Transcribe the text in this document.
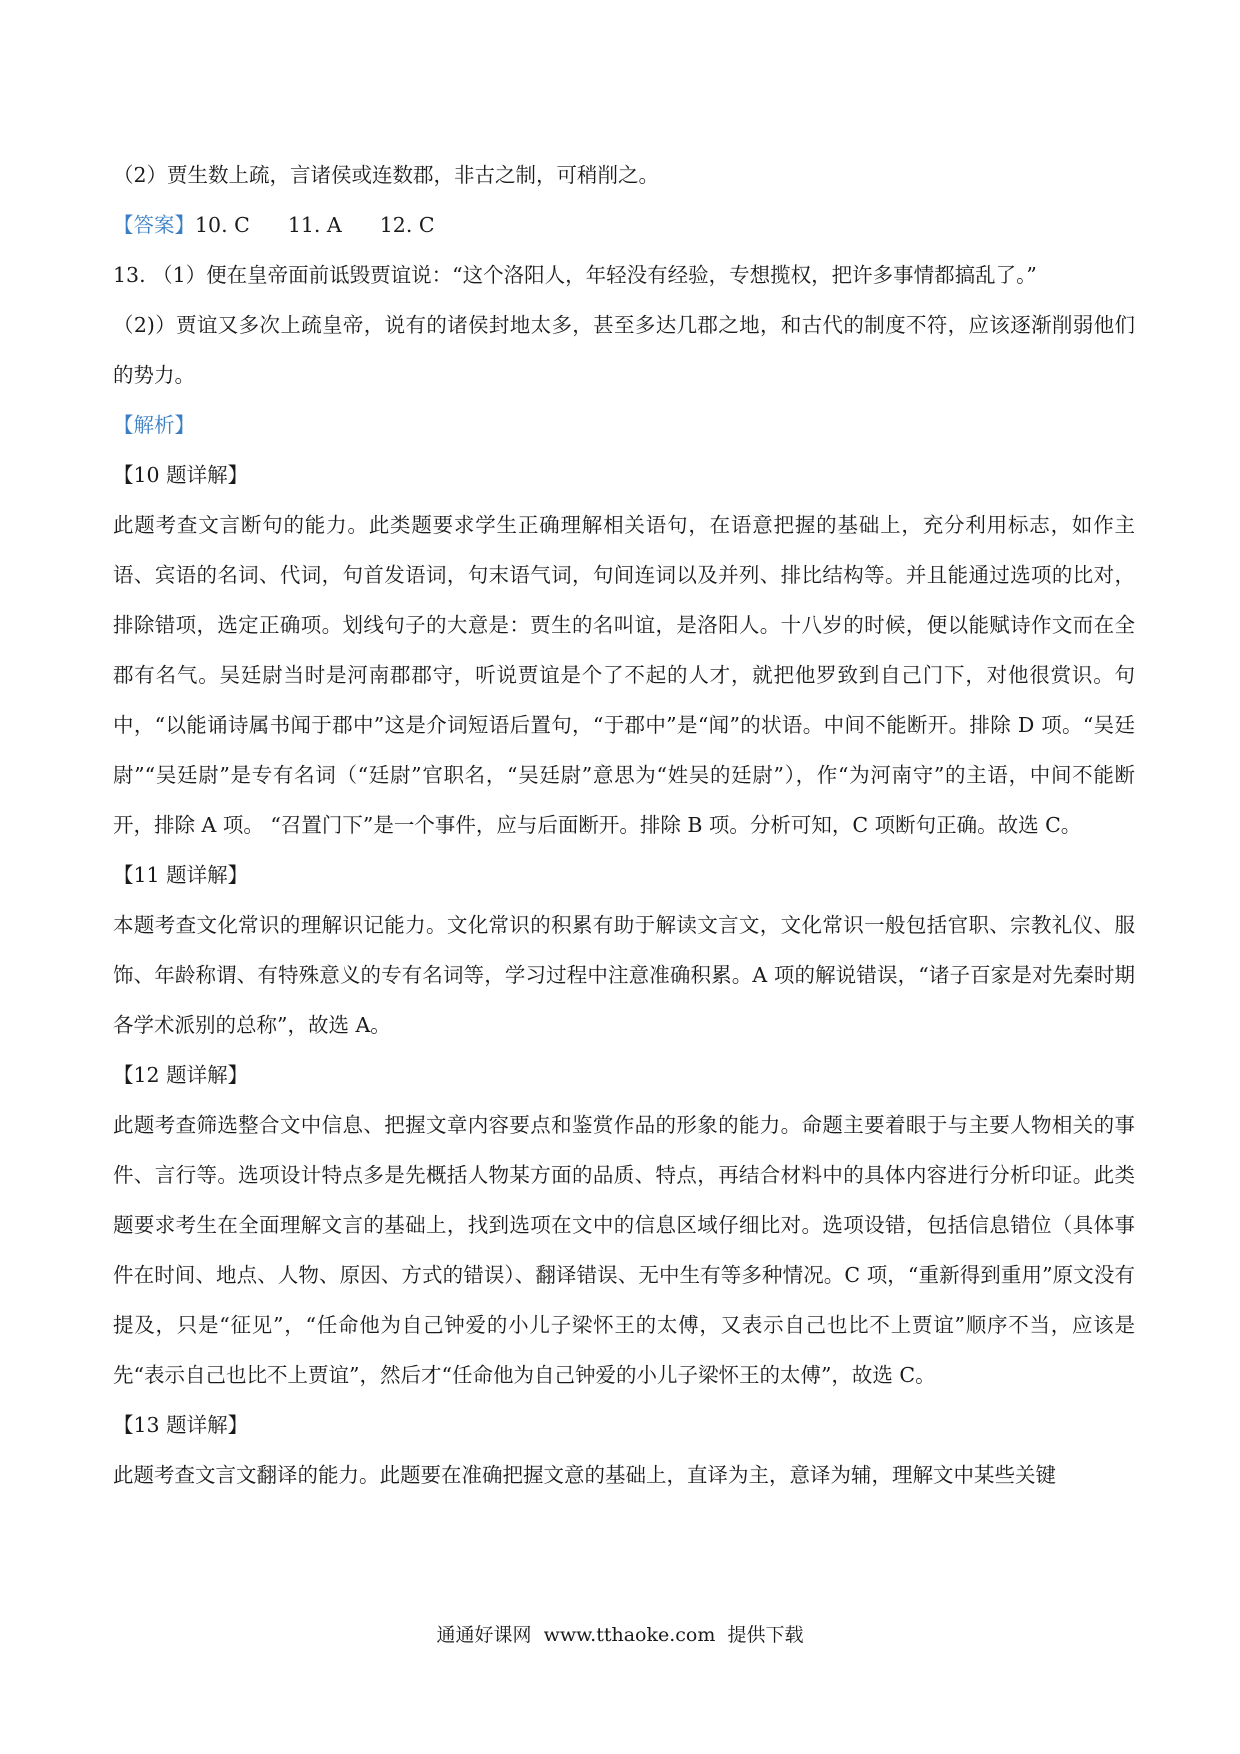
（2）贾生数上疏，言诸侯或连数郡，非古之制，可稍削之。

【答案】10. C 11. A 12. C

13. （1）便在皇帝面前诋毁贾谊说：“这个洛阳人，年轻没有经验，专想揽权，把许多事情都搞乱了。”

（2)）贾谊又多次上疏皇帝，说有的诸侯封地太多，甚至多达几郡之地，和古代的制度不符，应该逐渐削弱他们的势力。

【解析】

【10 题详解】

此题考查文言断句的能力。此类题要求学生正确理解相关语句，在语意把握的基础上，充分利用标志，如作主语、宾语的名词、代词，句首发语词，句末语气词，句间连词以及并列、排比结构等。并且能通过选项的比对，排除错项，选定正确项。划线句子的大意是：贾生的名叫谊，是洛阳人。十八岁的时候，便以能赋诗作文而在全郡有名气。吴廷尉当时是河南郡郡守，听说贾谊是个了不起的人才，就把他罗致到自己门下，对他很赏识。句中，“以能诵诗属书闻于郡中”这是介词短语后置句，“于郡中”是“闻”的状语。中间不能断开。排除 D 项。“吴廷尉”“吴廷尉”是专有名词（“廷尉”官职名，“吴廷尉”意思为“姓吴的廷尉”），作“为河南守”的主语，中间不能断开，排除 A 项。 “召置门下”是一个事件，应与后面断开。排除 B 项。分析可知，C 项断句正确。故选 C。

【11 题详解】

本题考查文化常识的理解识记能力。文化常识的积累有助于解读文言文，文化常识一般包括官职、宗教礼仪、服饰、年龄称谓、有特殊意义的专有名词等，学习过程中注意准确积累。A 项的解说错误，“诸子百家是对先秦时期各学术派别的总称”，故选 A。

【12 题详解】

此题考查筛选整合文中信息、把握文章内容要点和鉴赏作品的形象的能力。命题主要着眼于与主要人物相关的事件、言行等。选项设计特点多是先概括人物某方面的品质、特点，再结合材料中的具体内容进行分析印证。此类题要求考生在全面理解文言的基础上，找到选项在文中的信息区域仔细比对。选项设错，包括信息错位（具体事件在时间、地点、人物、原因、方式的错误）、翻译错误、无中生有等多种情况。C 项，“重新得到重用”原文没有提及，只是“征见”，“任命他为自己钟爱的小儿子梁怀王的太傅，又表示自己也比不上贾谊”顺序不当，应该是先“表示自己也比不上贾谊”，然后才“任命他为自己钟爱的小儿子梁怀王的太傅”，故选 C。

【13 题详解】

此题考查文言文翻译的能力。此题要在准确把握文意的基础上，直译为主，意译为辅，理解文中某些关键

通通好课网  www.tthaoke.com  提供下载
